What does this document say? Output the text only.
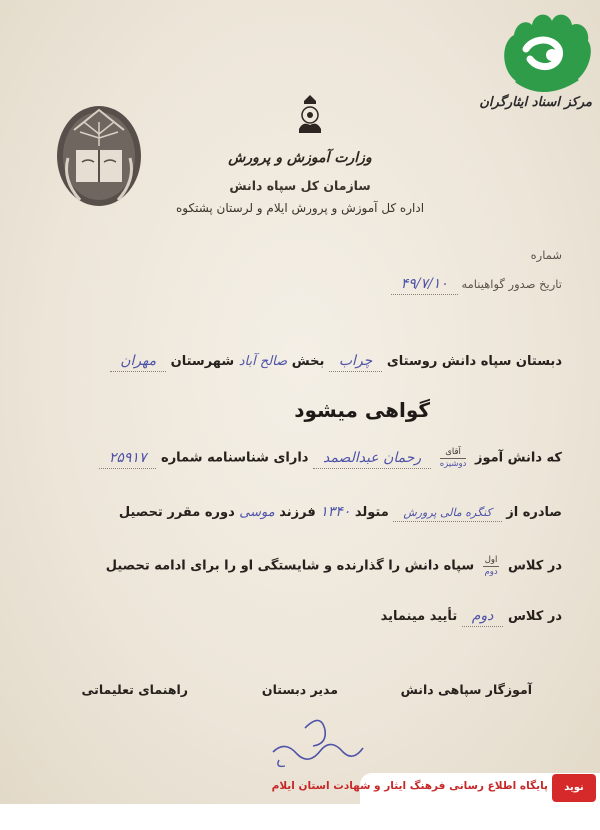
مرکز اسناد ایثارگران
وزارت آموزش و پرورش
سازمان کل سپاه دانش
اداره کل آموزش و پرورش ایلام و لرستان پشتکوه
شماره
تاریخ صدور گواهینامه ۴۹/۷/۱۰
دبستان سپاه دانش روستای چراب بخش صالح آباد شهرستان مهران
گواهی میشود
که دانش آموز
$\frac{\text{آقای}}{\text{دوشیزه}}$
رحمان عبدالصمد دارای شناسنامه شماره ۲۵۹۱۷
صادره از کنگره مالی پرورش متولد ۱۳۴۰ فرزند موسی دوره مقرر تحصیل
در کلاس
$\frac{\text{اول}}{\text{دوم}}$
سپاه دانش را گذارنده و شایستگی او را برای ادامه تحصیل
در کلاس دوم تأیید مینماید
آموزگار سپاهی دانش
مدیر دبستان
راهنمای تعلیماتی
پایگاه اطلاع رسانی فرهنگ ایثار و شهادت استان ایلام	نوید شاهد
